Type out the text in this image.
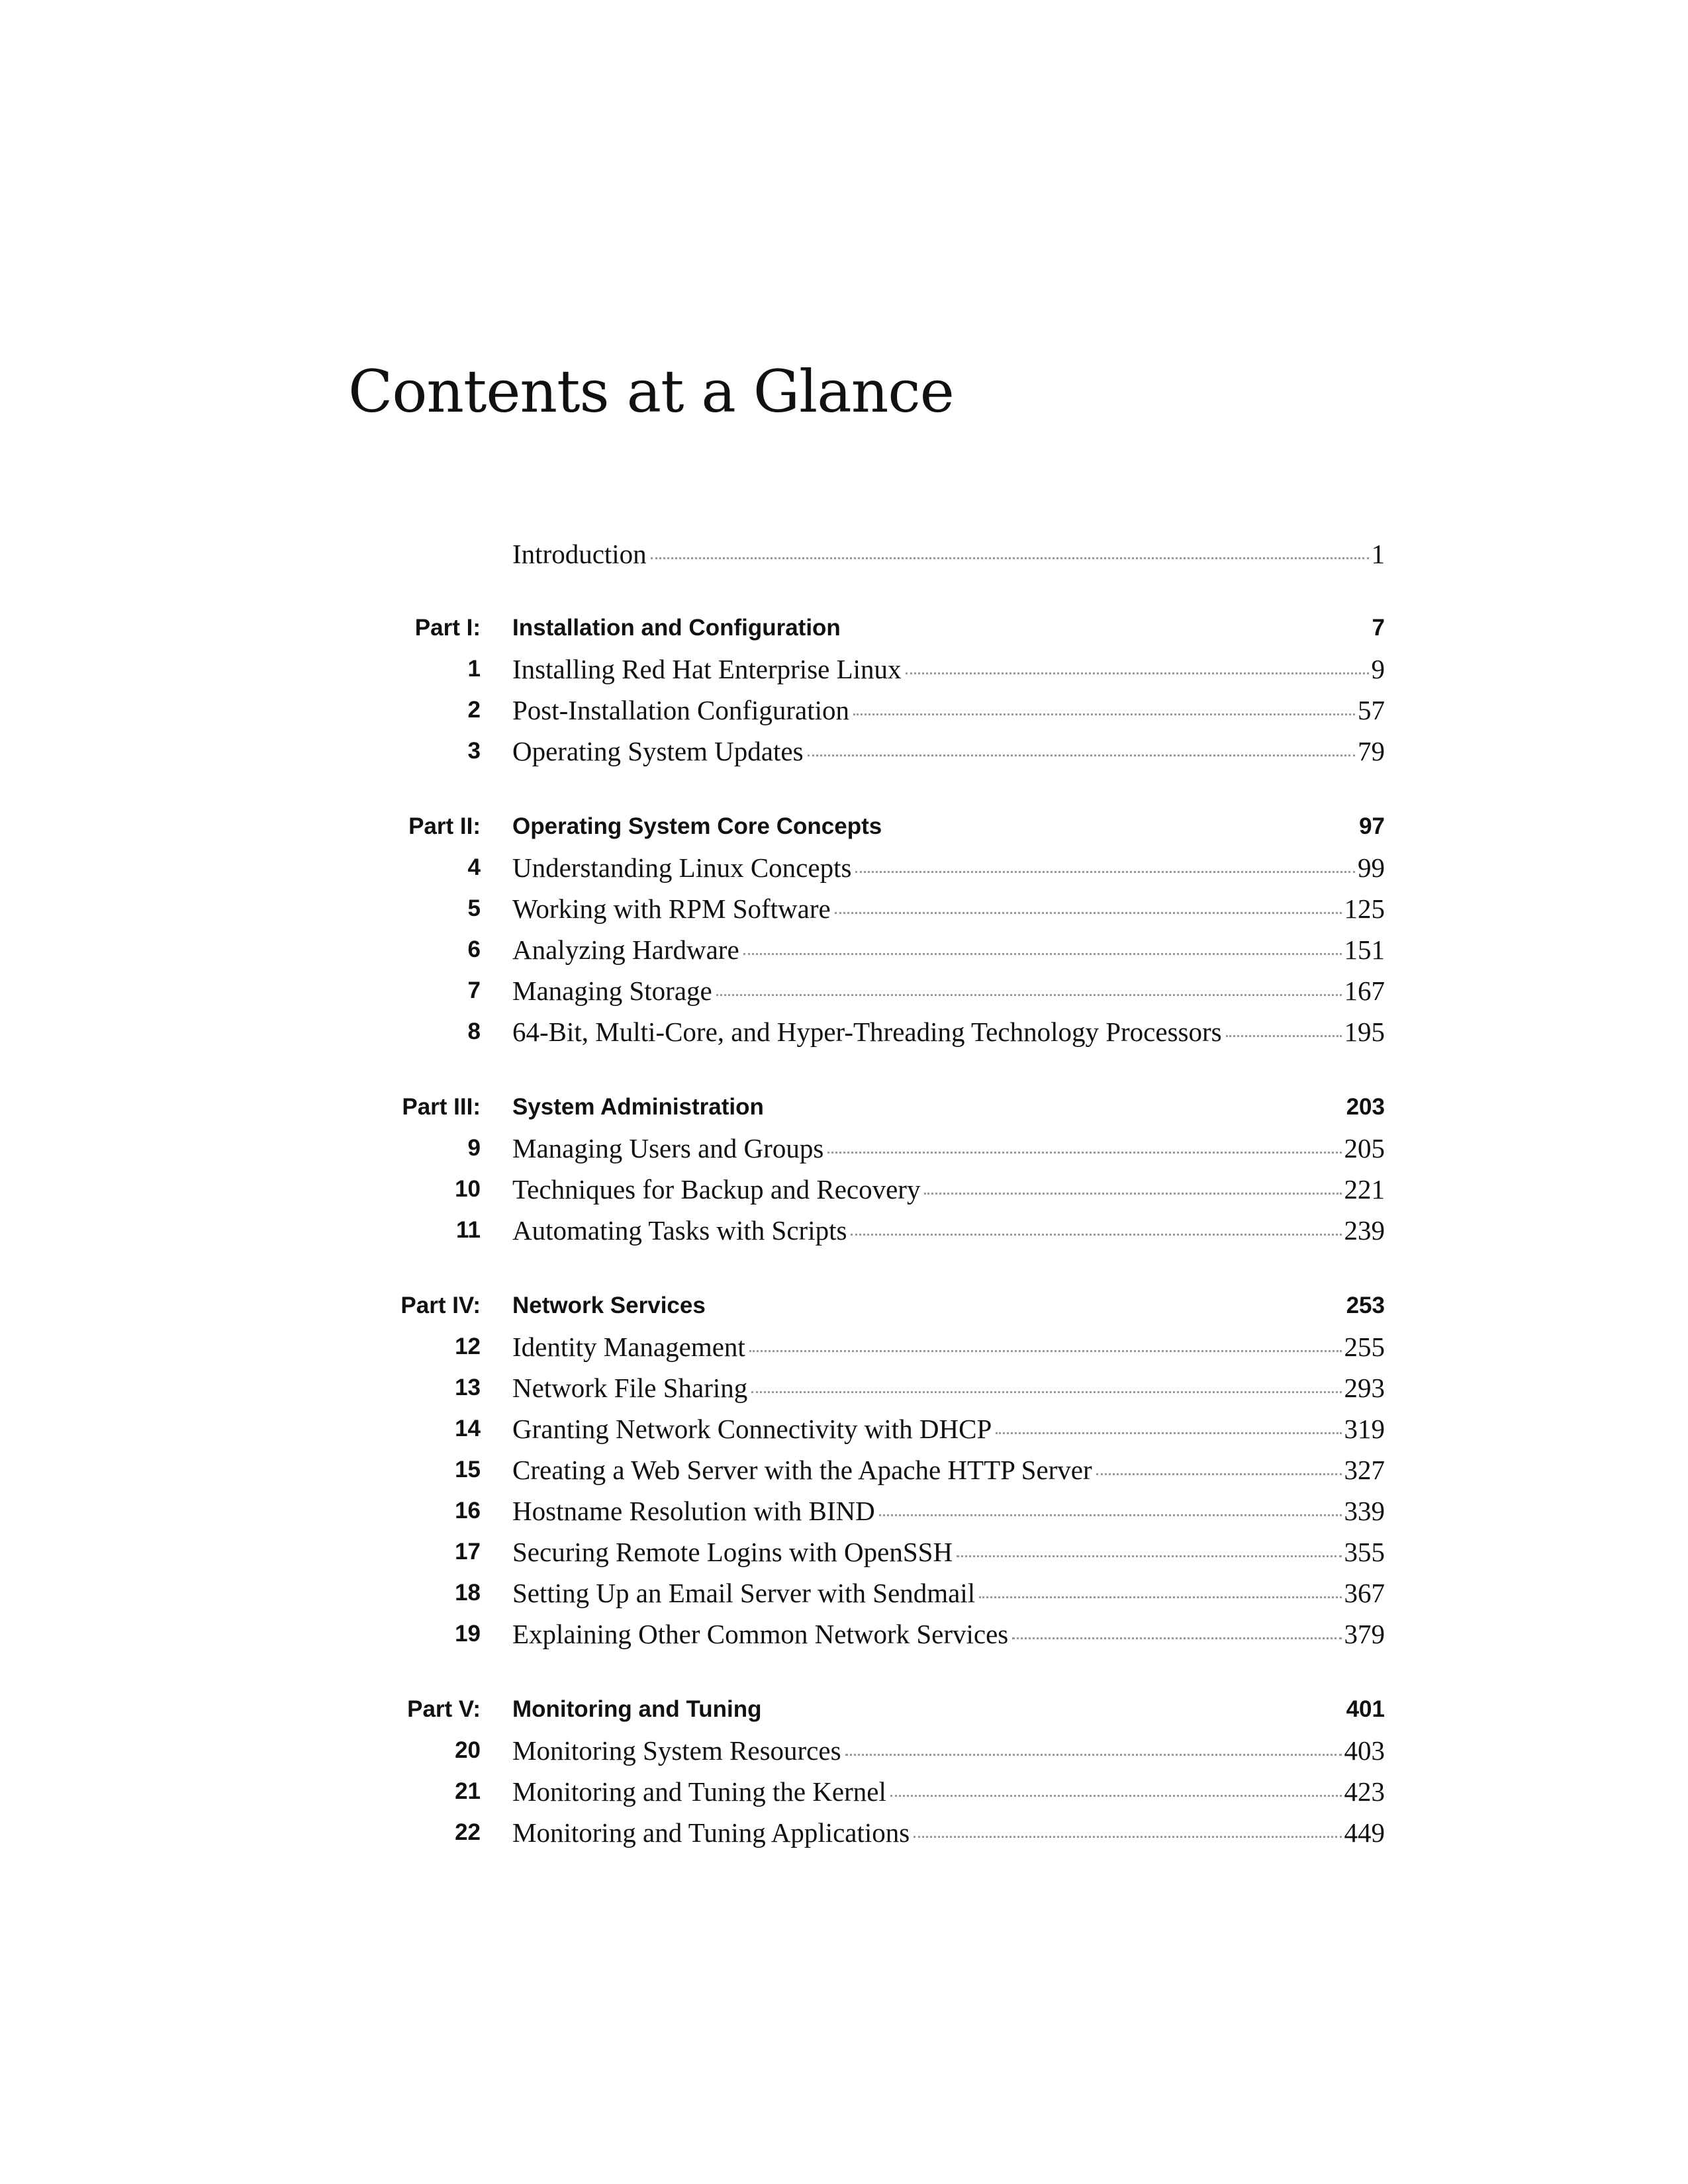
Contents at a Glance
Introduction	1
Part I: Installation and Configuration	7
1 Installing Red Hat Enterprise Linux	9
2 Post-Installation Configuration	57
3 Operating System Updates	79
Part II: Operating System Core Concepts	97
4 Understanding Linux Concepts	99
5 Working with RPM Software	125
6 Analyzing Hardware	151
7 Managing Storage	167
8 64-Bit, Multi-Core, and Hyper-Threading Technology Processors	195
Part III: System Administration	203
9 Managing Users and Groups	205
10 Techniques for Backup and Recovery	221
11 Automating Tasks with Scripts	239
Part IV: Network Services	253
12 Identity Management	255
13 Network File Sharing	293
14 Granting Network Connectivity with DHCP	319
15 Creating a Web Server with the Apache HTTP Server	327
16 Hostname Resolution with BIND	339
17 Securing Remote Logins with OpenSSH	355
18 Setting Up an Email Server with Sendmail	367
19 Explaining Other Common Network Services	379
Part V: Monitoring and Tuning	401
20 Monitoring System Resources	403
21 Monitoring and Tuning the Kernel	423
22 Monitoring and Tuning Applications	449
